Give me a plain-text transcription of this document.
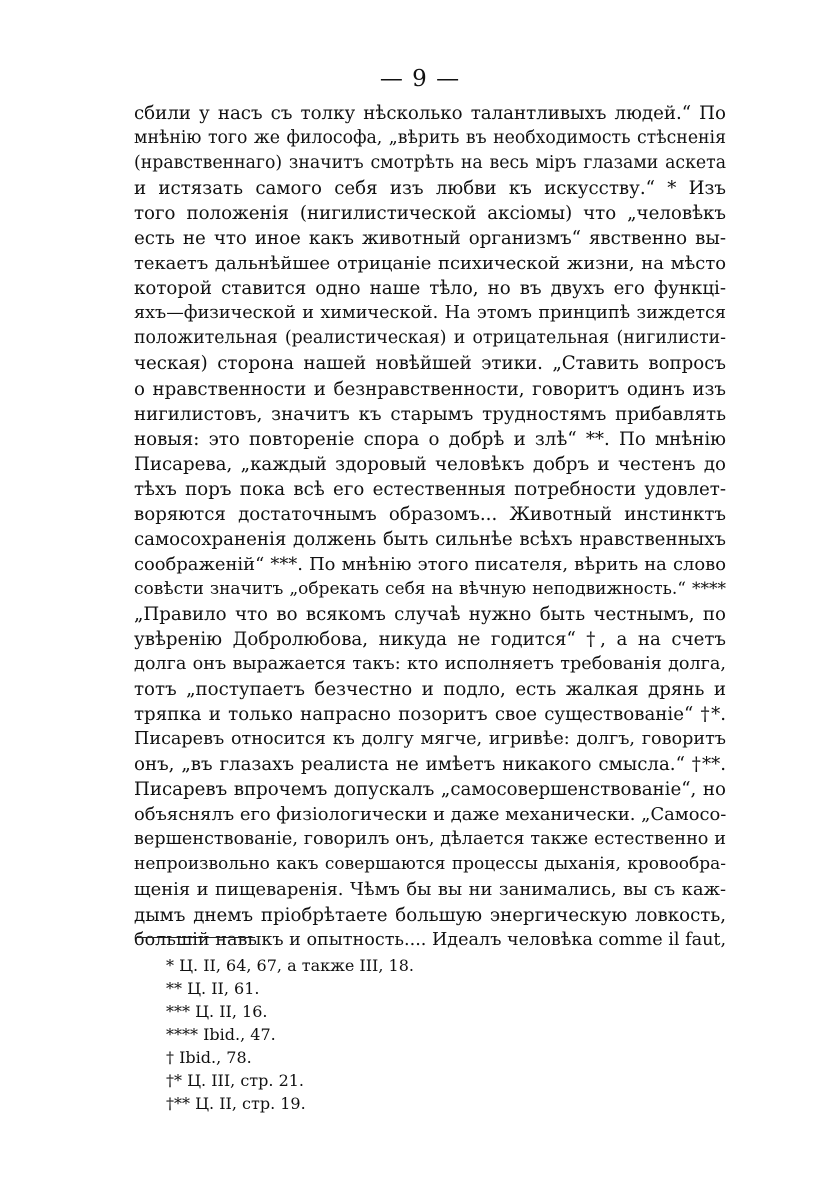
— 9 —
сбили у насъ съ толку нѣсколько талантливыхъ людей.“ По
мнѣнію того же философа, „вѣрить въ необходимость стѣсненія
(нравственнаго) значитъ смотрѣть на весь міръ глазами аскета
и истязать самого себя изъ любви къ искусству.“ * Изъ
того положенія (нигилистической аксіомы) что „человѣкъ
есть не что иное какъ животный организмъ“ явственно вы-
текаетъ дальнѣйшее отрицаніе психической жизни, на мѣсто
которой ставится одно наше тѣло, но въ двухъ его функці-
яхъ—физической и химической. На этомъ принципѣ зиждется
положительная (реалистическая) и отрицательная (нигилисти-
ческая) сторона нашей новѣйшей этики. „Ставить вопросъ
о нравственности и безнравственности, говоритъ одинъ изъ
нигилистовъ, значитъ къ старымъ трудностямъ прибавлять
новыя: это повтореніе спора о добрѣ и злѣ“ **. По мнѣнію
Писарева, „каждый здоровый человѣкъ добръ и честенъ до
тѣхъ поръ пока всѣ его естественныя потребности удовлет-
воряются достаточнымъ образомъ... Животный инстинктъ
самосохраненія должень быть сильнѣе всѣхъ нравственныхъ
соображеній“ ***. По мнѣнію этого писателя, вѣрить на слово
совѣсти значитъ „обрекать себя на вѣчную неподвижность.“ ****
„Правило что во всякомъ случаѣ нужно быть честнымъ, по
увѣренію Добролюбова, никуда не годится“ †, а на счетъ
долга онъ выражается такъ: кто исполняетъ требованія долга,
тотъ „поступаетъ безчестно и подло, есть жалкая дрянь и
тряпка и только напрасно позоритъ свое существованіе“ †*.
Писаревъ относится къ долгу мягче, игривѣе: долгъ, говоритъ
онъ, „въ глазахъ реалиста не имѣетъ никакого смысла.“ †**.
Писаревъ впрочемъ допускалъ „самосовершенствованіе“, но
объяснялъ его физіологически и даже механически. „Самосо-
вершенствованіе, говорилъ онъ, дѣлается также естественно и
непроизвольно какъ совершаются процессы дыханія, кровообра-
щенія и пищеваренія. Чѣмъ бы вы ни занимались, вы съ каж-
дымъ днемъ пріобрѣтаете большую энергическую ловкость,
большій навыкъ и опытность.... Идеалъ человѣка comme il faut,
* Ц. II, 64, 67, а также III, 18.
** Ц. II, 61.
*** Ц. II, 16.
**** Ibid., 47.
† Ibid., 78.
†* Ц. III, стр. 21.
†** Ц. II, стр. 19.
